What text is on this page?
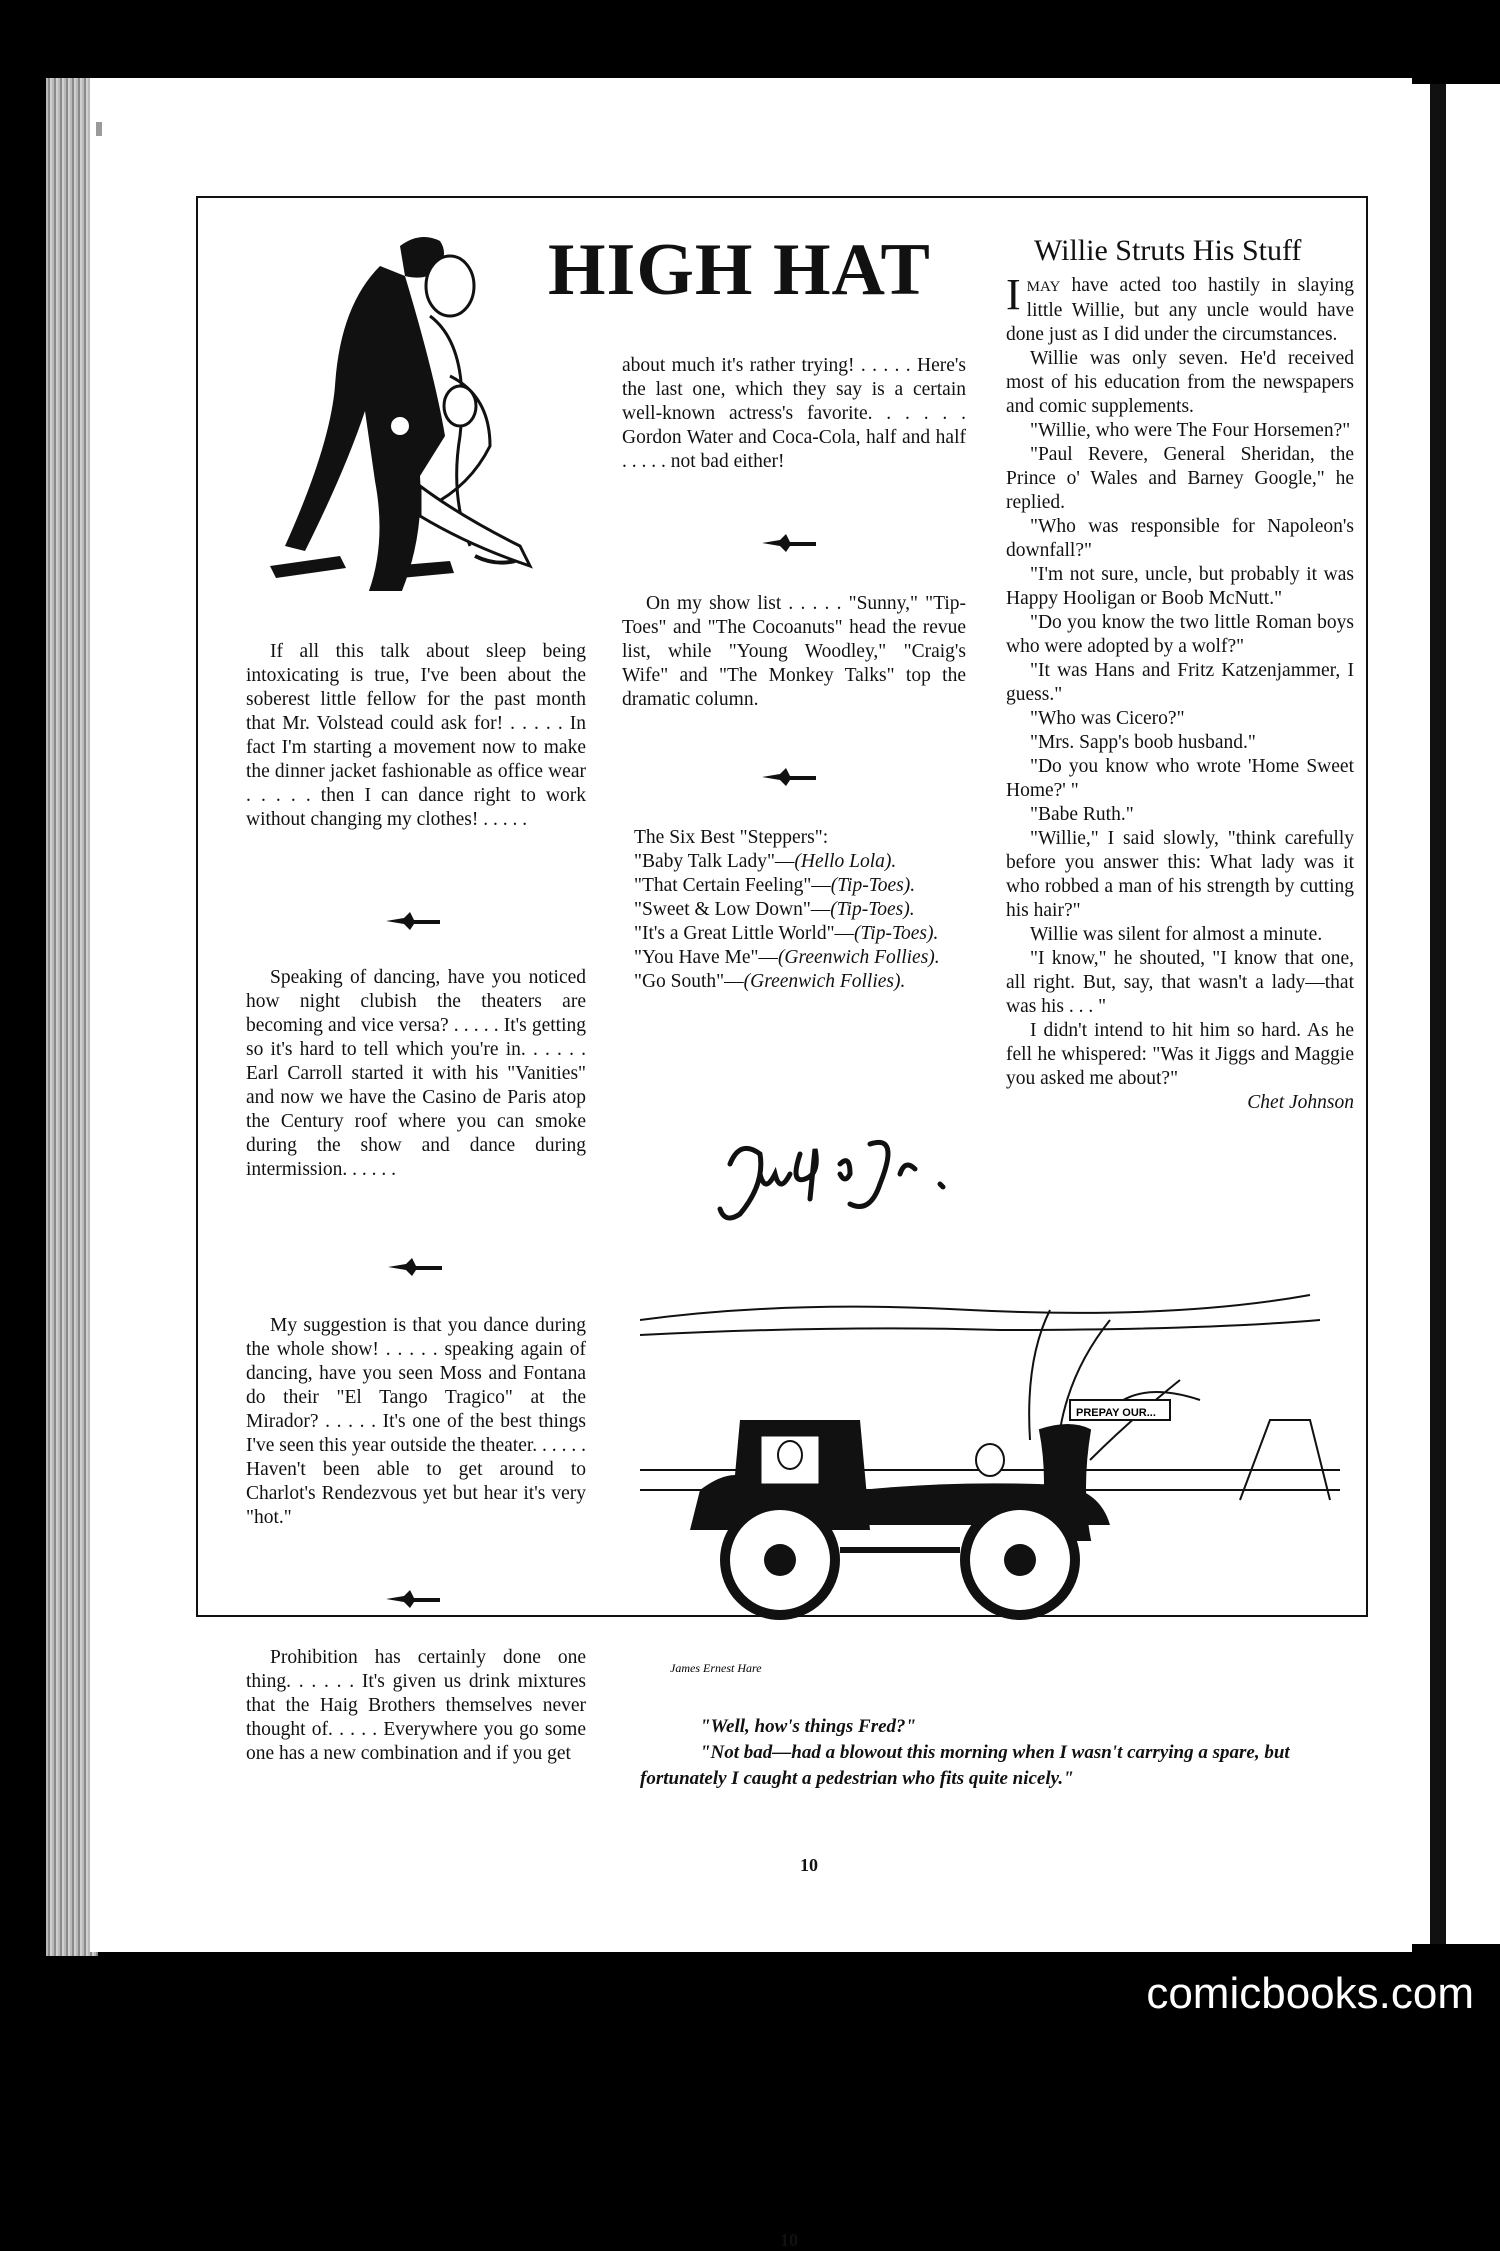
HIGH HAT	Willie Struts His Stuff

If all this talk about sleep being intoxicating is true, I've been about the soberest little fellow for the past month that Mr. Volstead could ask for! . . . . . In fact I'm starting a movement now to make the dinner jacket fashionable as office wear . . . . . then I can dance right to work without changing my clothes! . . . . .

Speaking of dancing, have you noticed how night clubish the theaters are becoming and vice versa? . . . . . It's getting so it's hard to tell which you're in. . . . . . Earl Carroll started it with his "Vanities" and now we have the Casino de Paris atop the Century roof where you can smoke during the show and dance during intermission. . . . . .

My suggestion is that you dance during the whole show! . . . . . speaking again of dancing, have you seen Moss and Fontana do their "El Tango Tragico" at the Mirador? . . . . . It's one of the best things I've seen this year outside the theater. . . . . . Haven't been able to get around to Charlot's Rendezvous yet but hear it's very "hot."

Prohibition has certainly done one thing. . . . . . It's given us drink mixtures that the Haig Brothers themselves never thought of. . . . . Everywhere you go some one has a new combination and if you get

about much it's rather trying! . . . . . Here's the last one, which they say is a certain well-known actress's favorite. . . . . . Gordon Water and Coca-Cola, half and half . . . . . not bad either!

On my show list . . . . . "Sunny," "Tip-Toes" and "The Cocoanuts" head the revue list, while "Young Woodley," "Craig's Wife" and "The Monkey Talks" top the dramatic column.

The Six Best "Steppers":

"Baby Talk Lady"—(Hello Lola).

"That Certain Feeling"—(Tip-Toes).

"Sweet & Low Down"—(Tip-Toes).

"It's a Great Little World"—(Tip-Toes).

"You Have Me"—(Greenwich Follies).

"Go South"—(Greenwich Follies).

IMAY have acted too hastily in slaying little Willie, but any uncle would have done just as I did under the circumstances.

Willie was only seven. He'd received most of his education from the newspapers and comic supplements.

"Willie, who were The Four Horsemen?"

"Paul Revere, General Sheridan, the Prince o' Wales and Barney Google," he replied.

"Who was responsible for Napoleon's downfall?"

"I'm not sure, uncle, but probably it was Happy Hooligan or Boob McNutt."

"Do you know the two little Roman boys who were adopted by a wolf?"

"It was Hans and Fritz Katzenjammer, I guess."

"Who was Cicero?"

"Mrs. Sapp's boob husband."

"Do you know who wrote 'Home Sweet Home?' "

"Babe Ruth."

"Willie," I said slowly, "think carefully before you answer this: What lady was it who robbed a man of his strength by cutting his hair?"

Willie was silent for almost a minute.

"I know," he shouted, "I know that one, all right. But, say, that wasn't a lady—that was his . . . "

I didn't intend to hit him so hard. As he fell he whispered: "Was it Jiggs and Maggie you asked me about?"

Chet Johnson

PREPAY OUR...
James Ernest Hare

"Well, how's things Fred?"

"Not bad—had a blowout this morning when I wasn't carrying a spare, but fortunately I caught a pedestrian who fits quite nicely."

10
10
comicbooks.com
